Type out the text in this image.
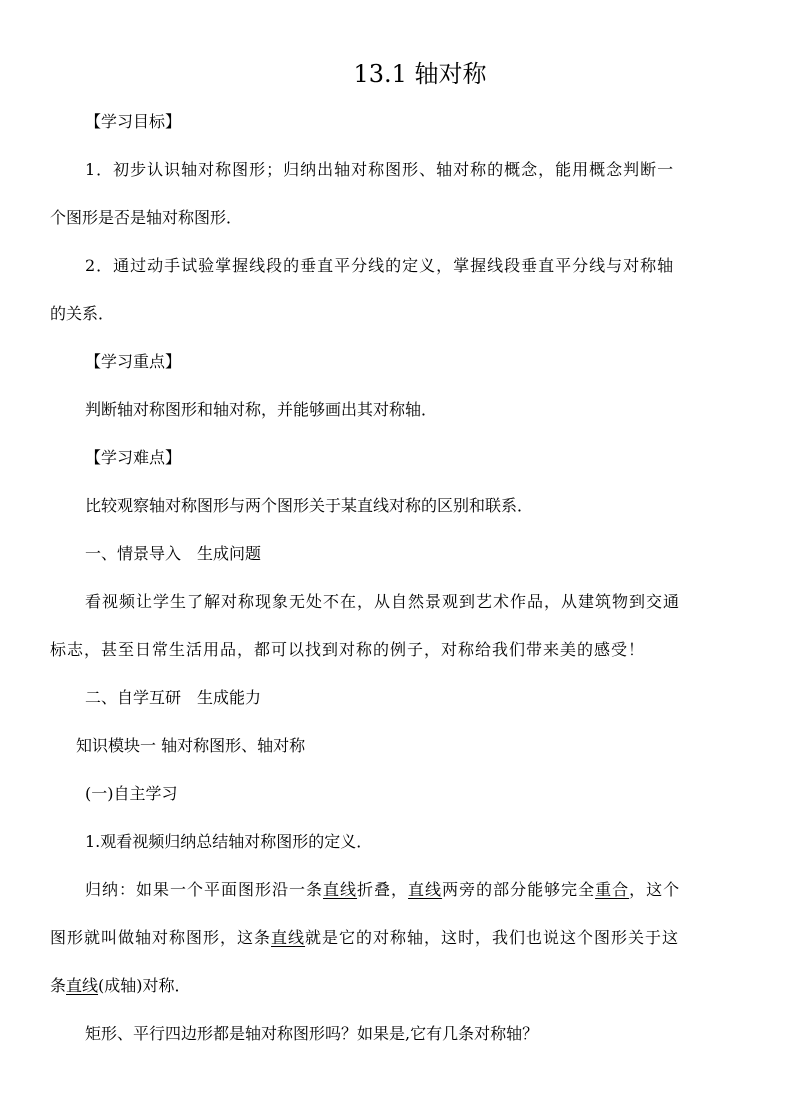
13.1 轴对称
【学习目标】
1．初步认识轴对称图形；归纳出轴对称图形、轴对称的概念，能用概念判断一
个图形是否是轴对称图形．
2．通过动手试验掌握线段的垂直平分线的定义，掌握线段垂直平分线与对称轴
的关系．
【学习重点】
判断轴对称图形和轴对称，并能够画出其对称轴．
【学习难点】
比较观察轴对称图形与两个图形关于某直线对称的区别和联系．
一、情景导入　生成问题
看视频让学生了解对称现象无处不在，从自然景观到艺术作品，从建筑物到交通
标志，甚至日常生活用品，都可以找到对称的例子，对称给我们带来美的感受！
二、自学互研　生成能力
知识模块一 轴对称图形、轴对称
(一)自主学习
1.观看视频归纳总结轴对称图形的定义．
归纳：如果一个平面图形沿一条直线折叠，直线两旁的部分能够完全重合，这个
图形就叫做轴对称图形，这条直线就是它的对称轴，这时，我们也说这个图形关于这
条直线(成轴)对称．
矩形、平行四边形都是轴对称图形吗？如果是,它有几条对称轴？
